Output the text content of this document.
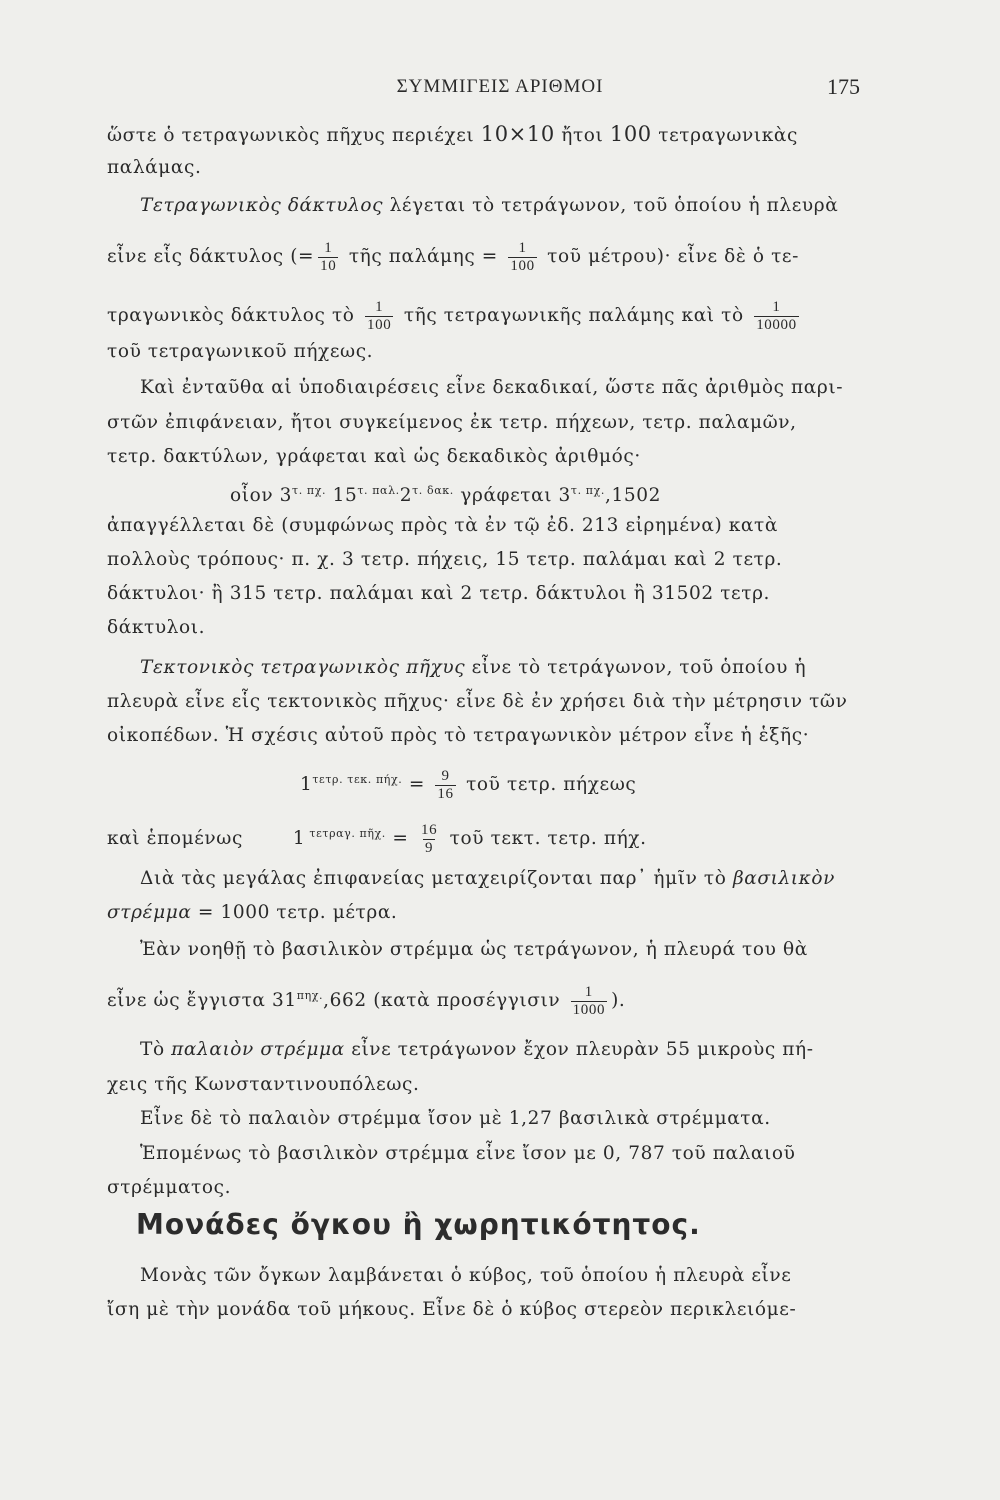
ΣΥΜΜΙΓΕΙΣ ΑΡΙΘΜΟΙ	175
ὥστε ὁ τετραγωνικὸς πῆχυς περιέχει 10×10 ἤτοι 100 τετραγωνικὰς
παλάμας.
Τετραγωνικὸς δάκτυλος λέγεται τὸ τετράγωνον, τοῦ ὁποίου ἡ πλευρὰ
εἶνε εἷς δάκτυλος (= $\frac{1}{10}$ τῆς $\pi\alpha\lambda ά\mu\eta\varsigma = \frac{1}{100}$ τοῦ μέτρου)· εἶνε δὲ ὁ τε-
τραγωνικὸς δάκτυλος τὸ $\frac{1}{100}$ τῆς τετραγωνικῆς παλάμης καὶ τὸ $\frac{1}{10000}$
τοῦ τετραγωνικοῦ πήχεως.
Καὶ ἐνταῦθα αἱ ὑποδιαιρέσεις εἶνε δεκαδικαί, ὥστε πᾶς ἀριθμὸς παρι-
στῶν ἐπιφάνειαν, ἤτοι συγκείμενος ἐκ τετρ. πήχεων, τετρ. παλαμῶν,
τετρ. δακτύλων, γράφεται καὶ ὡς δεκαδικὸς ἀριθμός·
οἷον $3^{\tau. \pi\chi.}$ $15^{\tau. \pi\alpha\lambda.}2^{\tau. \delta\alpha\kappa.}$ γράφεται $3^{\tau. \pi\chi.},1502$
ἀπαγγέλλεται δὲ (συμφώνως πρὸς τὰ ἐν τῷ ἐδ. 213 εἰρημένα) κατὰ
πολλοὺς τρόπους· π. χ. 3 τετρ. πήχεις, 15 τετρ. παλάμαι καὶ 2 τετρ.
δάκτυλοι· ἢ 315 τετρ. παλάμαι καὶ 2 τετρ. δάκτυλοι ἢ 31502 τετρ.
δάκτυλοι.
Τεκτονικὸς τετραγωνικὸς πῆχυς εἶνε τὸ τετράγωνον, τοῦ ὁποίου ἡ
πλευρὰ εἶνε εἷς τεκτονικὸς πῆχυς· εἶνε δὲ ἐν χρήσει διὰ τὴν μέτρησιν τῶν
οἰκοπέδων. Ἡ σχέσις αὐτοῦ πρὸς τὸ τετραγωνικὸν μέτρον εἶνε ἡ ἑξῆς·
$1^{\tau\varepsilon\tau\rho. \tau\varepsilon\kappa. \pi ή\chi.} = \frac{9}{16}$ τοῦ τετρ. πήχεως
καὶ ἑπομένως	1 $^{\tau\varepsilon\tau\rho\alpha\gamma. \pi ῆ\chi.} = \frac{16}{9}$ τοῦ τεκτ. τετρ. πήχ.
Διὰ τὰς μεγάλας ἐπιφανείας μεταχειρίζονται παρ᾿ ἡμῖν τὸ βασιλικὸν
στρέμμα = 1000 τετρ. μέτρα.
Ἐὰν νοηθῇ τὸ βασιλικὸν στρέμμα ὡς τετράγωνον, ἡ πλευρά του θὰ
εἶνε ὡς ἔγγιστα $31^{\pi\eta\chi.},662$ (κατὰ προσέγγισιν $\frac{1}{1000}$ ).
Τὸ παλαιὸν στρέμμα εἶνε τετράγωνον ἔχον πλευρὰν 55 μικροὺς πή-
χεις τῆς Κωνσταντινουπόλεως.
Εἶνε δὲ τὸ παλαιὸν στρέμμα ἴσον μὲ 1,27 βασιλικὰ στρέμματα.
Ἑπομένως τὸ βασιλικὸν στρέμμα εἶνε ἴσον με 0, 787 τοῦ παλαιοῦ
στρέμματος.
Μονάδες ὄγκου ἢ χωρητικότητος.
Μονὰς τῶν ὄγκων λαμβάνεται ὁ κύβος, τοῦ ὁποίου ἡ πλευρὰ εἶνε
ἴση μὲ τὴν μονάδα τοῦ μήκους. Εἶνε δὲ ὁ κύβος στερεὸν περικλειόμε-
